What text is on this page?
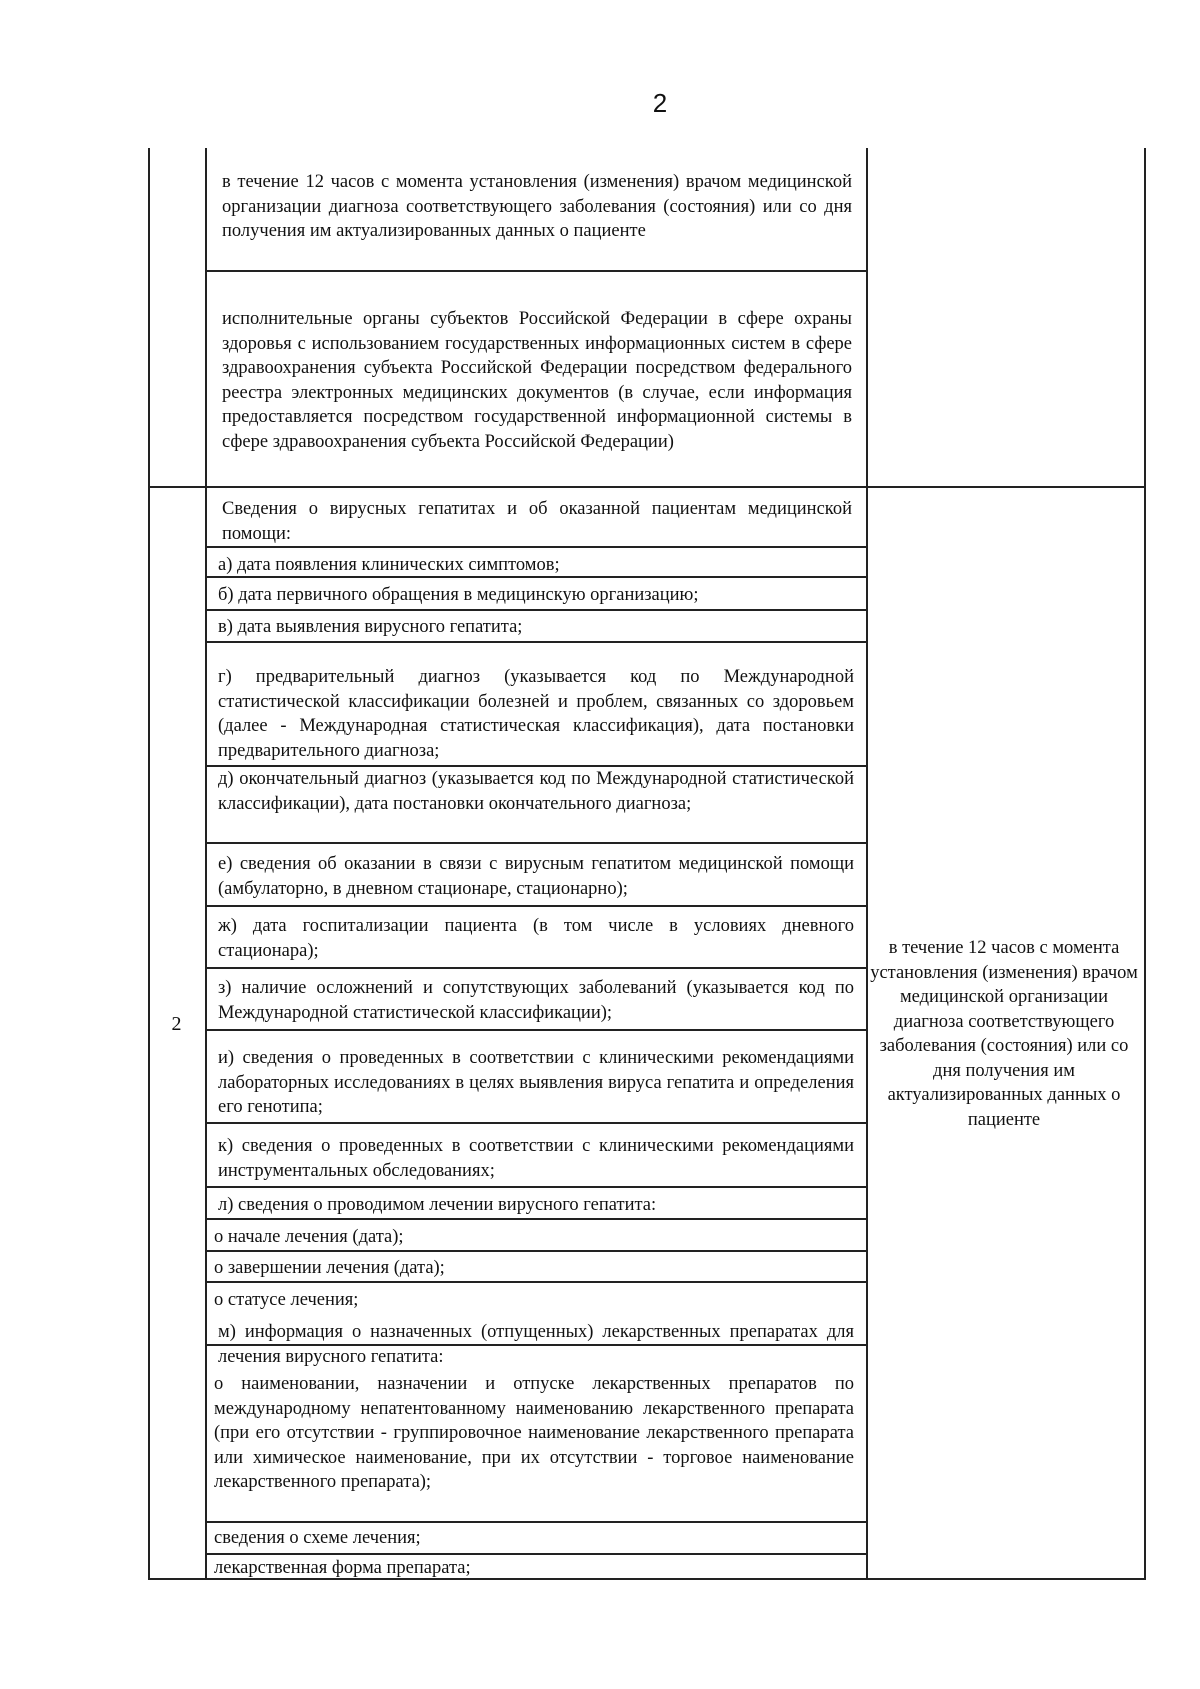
2
в течение 12 часов с момента установления (изменения) врачом медицинской организации диагноза соответствующего заболевания (состояния) или со дня получения им актуализированных данных о пациенте
исполнительные органы субъектов Российской Федерации в сфере охраны здоровья с использованием государственных информационных систем в сфере здравоохранения субъекта Российской Федерации посредством федерального реестра электронных медицинских документов (в случае, если информация предоставляется посредством государственной информационной системы в сфере здравоохранения субъекта Российской Федерации)
2
Сведения о вирусных гепатитах и об оказанной пациентам медицинской помощи:
а) дата появления клинических симптомов;
б) дата первичного обращения в медицинскую организацию;
в) дата выявления вирусного гепатита;
г) предварительный диагноз (указывается код по Международной статистической классификации болезней и проблем, связанных со здоровьем (далее - Международная статистическая классификация), дата постановки предварительного диагноза;
д) окончательный диагноз (указывается код по Международной статистической классификации), дата постановки окончательного диагноза;
е) сведения об оказании в связи с вирусным гепатитом медицинской помощи (амбулаторно, в дневном стационаре, стационарно);
ж) дата госпитализации пациента (в том числе в условиях дневного стационара);
з) наличие осложнений и сопутствующих заболеваний (указывается код по Международной статистической классификации);
и) сведения о проведенных в соответствии с клиническими рекомендациями лабораторных исследованиях в целях выявления вируса гепатита и определения его генотипа;
к) сведения о проведенных в соответствии с клиническими рекомендациями инструментальных обследованиях;
л) сведения о проводимом лечении вирусного гепатита:
о начале лечения (дата);
о завершении лечения (дата);
о статусе лечения;
м) информация о назначенных (отпущенных) лекарственных препаратах для лечения вирусного гепатита:
о наименовании, назначении и отпуске лекарственных препаратов по международному непатентованному наименованию лекарственного препарата (при его отсутствии - группировочное наименование лекарственного препарата или химическое наименование, при их отсутствии - торговое наименование лекарственного препарата);
сведения о схеме лечения;
лекарственная форма препарата;
в течение 12 часов с момента установления (изменения) врачом медицинской организации диагноза соответствующего заболевания (состояния) или со дня получения им актуализированных данных о пациенте
